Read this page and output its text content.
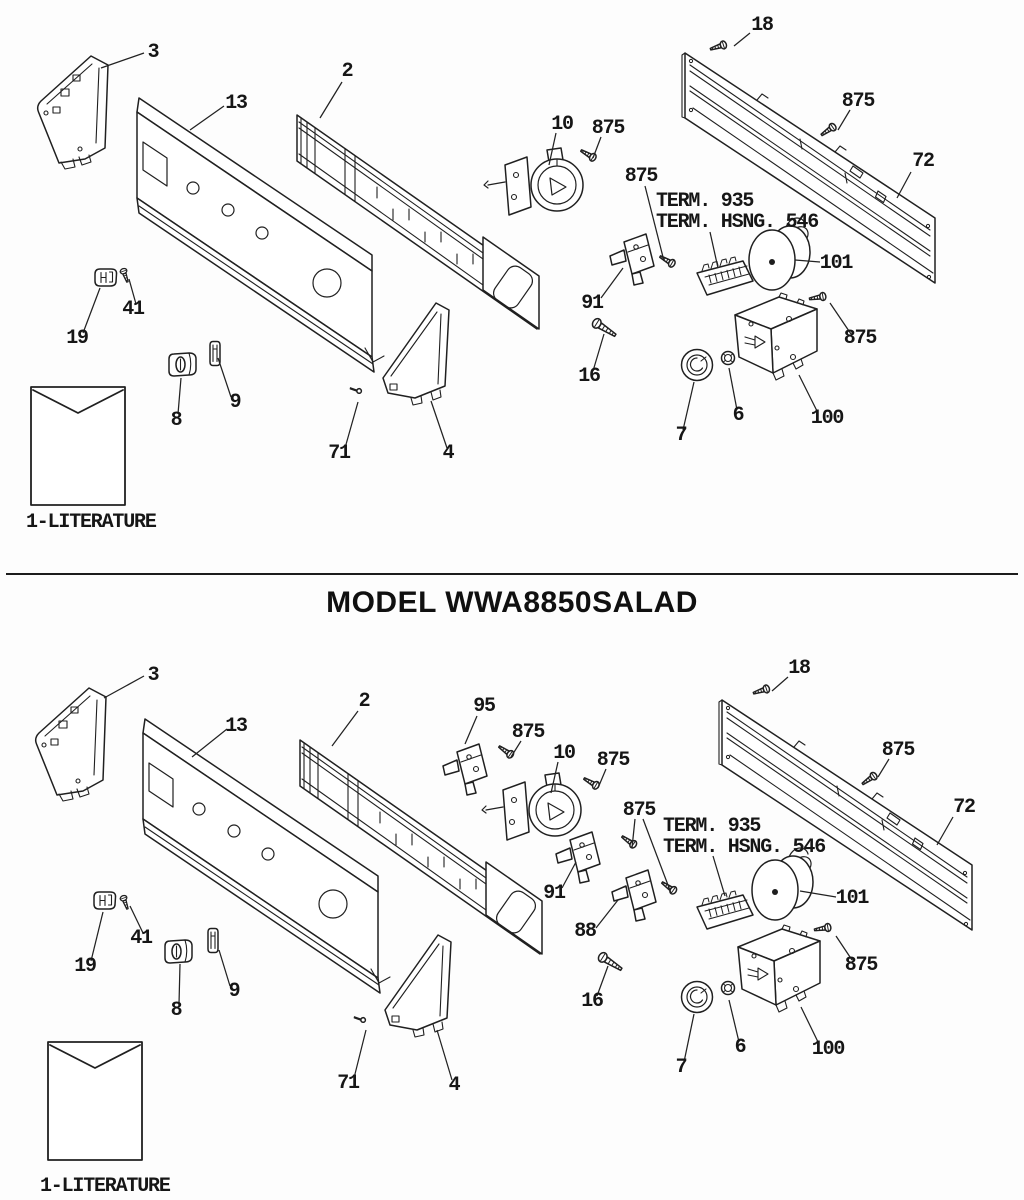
3
13
2
18
875
72
10 875
875
TERM. 935
TERM. HSNG. 546
101
91
16
875
7
6	100
19
41
8
9
71	4
1-LITERATURE
MODEL WWA8850SALAD
3
13
2	95
18
875
72
875
10 875
875
TERM. 935
TERM. HSNG. 546
101
91
88
16
875
7
6	100
19
41
8
9
71	4
1-LITERATURE
